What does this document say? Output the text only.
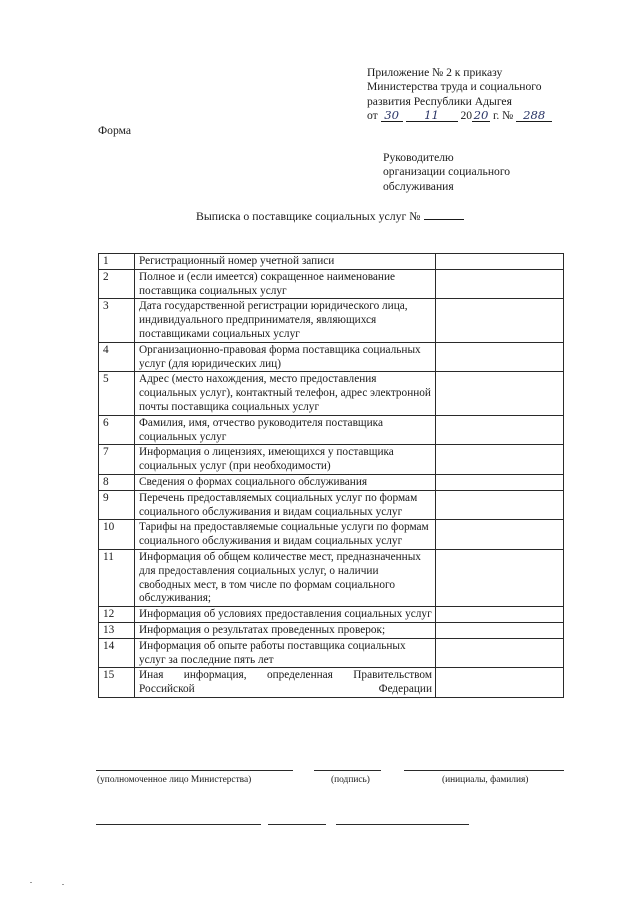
Приложение № 2 к приказу
Министерства труда и социального
развития Республики Адыгея
от 30 11 20 20 г. № 288
Форма
Руководителю
организации социального
обслуживания
Выписка о поставщике социальных услуг №
1	Регистрационный номер учетной записи	
2	Полное и (если имеется) сокращенное наименование поставщика социальных услуг	
3	Дата государственной регистрации юридического лица, индивидуального предпринимателя, являющихся поставщиками социальных услуг	
4	Организационно-правовая форма поставщика социальных услуг (для юридических лиц)	
5	Адрес (место нахождения, место предоставления социальных услуг), контактный телефон, адрес электронной почты поставщика социальных услуг	
6	Фамилия, имя, отчество руководителя поставщика социальных услуг	
7	Информация о лицензиях, имеющихся у поставщика социальных услуг (при необходимости)	
8	Сведения о формах социального обслуживания	
9	Перечень предоставляемых социальных услуг по формам социального обслуживания и видам социальных услуг	
10	Тарифы на предоставляемые социальные услуги по формам социального обслуживания и видам социальных услуг	
11	Информация об общем количестве мест, предназначенных для предоставления социальных услуг, о наличии свободных мест, в том числе по формам социального обслуживания;	
12	Информация об условиях предоставления социальных услуг	
13	Информация о результатах проведенных проверок;	
14	Информация об опыте работы поставщика социальных услуг за последние пять лет	
15	Иная информация, определенная Правительством Российской Федерации	
(уполномоченное лицо Министерства)	(подпись)	(инициалы, фамилия)
